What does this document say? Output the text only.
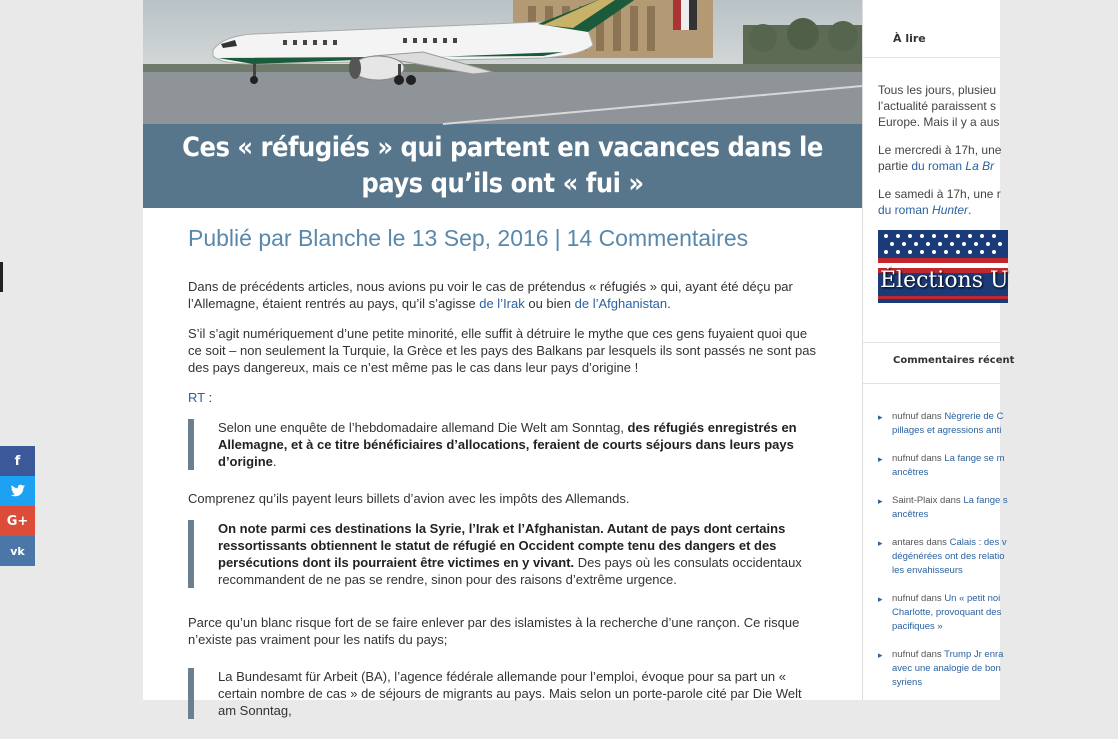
f
G+
vk
Ces « réfugiés » qui partent en vacances dans le pays qu’ils ont « fui »
Publié par Blanche le 13 Sep, 2016 | 14 Commentaires

Dans de précédents articles, nous avions pu voir le cas de prétendus « réfugiés » qui, ayant été déçu par l’Allemagne, étaient rentrés au pays, qu’il s’agisse de l’Irak ou bien de l’Afghanistan.

S’il s’agit numériquement d’une petite minorité, elle suffit à détruire le mythe que ces gens fuyaient quoi que ce soit – non seulement la Turquie, la Grèce et les pays des Balkans par lesquels ils sont passés ne sont pas des pays dangereux, mais ce n’est même pas le cas dans leur pays d’origine !

RT :

Selon une enquête de l’hebdomadaire allemand Die Welt am Sonntag, des réfugiés enregistrés en Allemagne, et à ce titre bénéficiaires d’allocations, feraient de courts séjours dans leurs pays d’origine.

Comprenez qu’ils payent leurs billets d’avion avec les impôts des Allemands.

On note parmi ces destinations la Syrie, l’Irak et l’Afghanistan. Autant de pays dont certains ressortissants obtiennent le statut de réfugié en Occident compte tenu des dangers et des persécutions dont ils pourraient être victimes en y vivant. Des pays où les consulats occidentaux recommandent de ne pas se rendre, sinon pour des raisons d’extrême urgence.

Parce qu’un blanc risque fort de se faire enlever par des islamistes à la recherche d’une rançon. Ce risque n’existe pas vraiment pour les natifs du pays;

La Bundesamt für Arbeit (BA), l’agence fédérale allemande pour l’emploi, évoque pour sa part un « certain nombre de cas » de séjours de migrants au pays. Mais selon un porte-parole cité par Die Welt am Sonntag,

À lire

Tous les jours, plusieu
l’actualité paraissent s
Europe. Mais il y a aus

Le mercredi à 17h, une
partie du roman La Br

Le samedi à 17h, une r
du roman Hunter.

Élections U
Commentaires récent
▸ nufnuf dans Nègrerie de C
pillages et agressions anti
▸ nufnuf dans La fange se m
ancêtres
▸ Saint-Plaix dans La fange s
ancêtres
▸ antares dans Calais : des v
dégénérées ont des relatio
les envahisseurs
▸ nufnuf dans Un « petit noi
Charlotte, provoquant des
pacifiques »
▸ nufnuf dans Trump Jr enra
avec une analogie de bon
syriens
